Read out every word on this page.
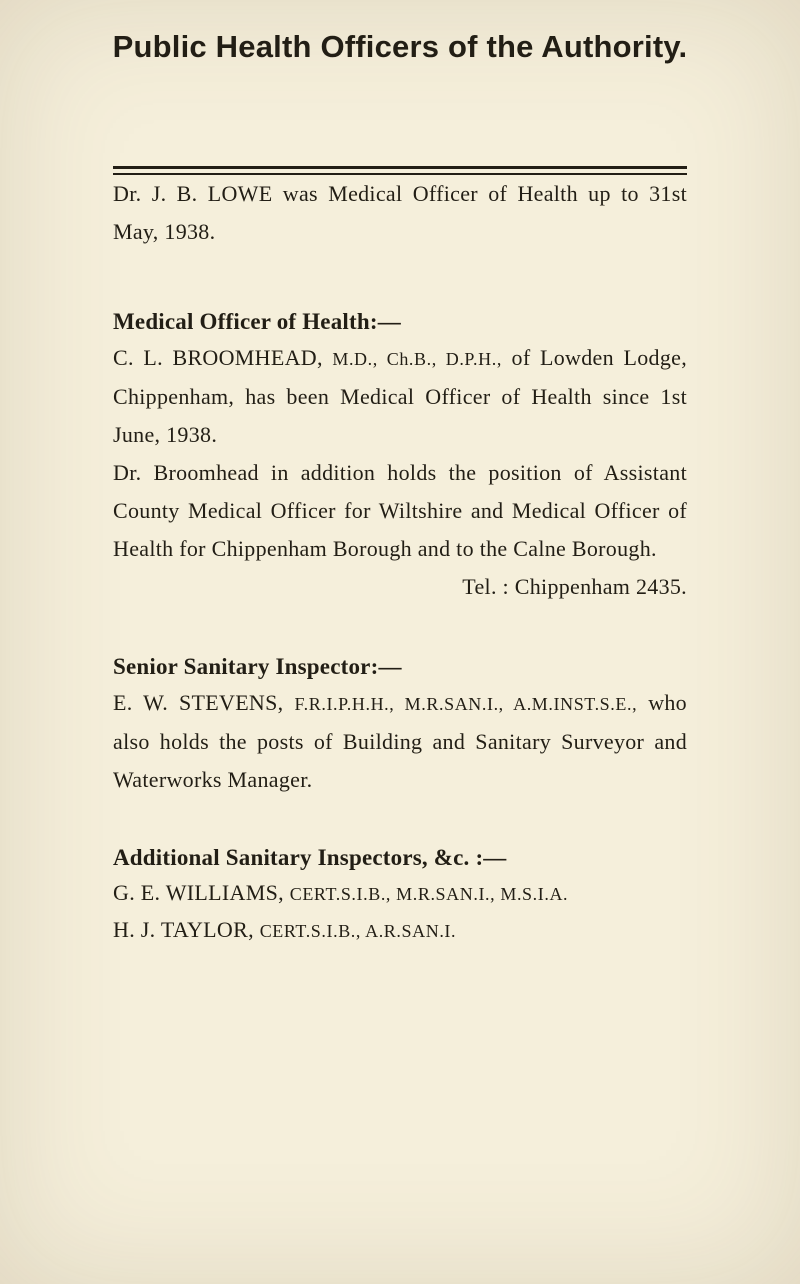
Public Health Officers of the Authority.

Dr. J. B. LOWE was Medical Officer of Health up to 31st May, 1938.

Medical Officer of Health:—

C. L. BROOMHEAD, M.D., Ch.B., D.P.H., of Lowden Lodge, Chippenham, has been Medical Officer of Health since 1st June, 1938.

Dr. Broomhead in addition holds the position of Assistant County Medical Officer for Wiltshire and Medical Officer of Health for Chippenham Borough and to the Calne Borough.

Tel. : Chippenham 2435.

Senior Sanitary Inspector:—

E. W. STEVENS, F.R.I.P.H.H., M.R.SAN.I., A.M.INST.S.E., who also holds the posts of Building and Sanitary Surveyor and Waterworks Manager.

Additional Sanitary Inspectors, &c. :—

G. E. WILLIAMS, CERT.S.I.B., M.R.SAN.I., M.S.I.A.

H. J. TAYLOR, CERT.S.I.B., A.R.SAN.I.
